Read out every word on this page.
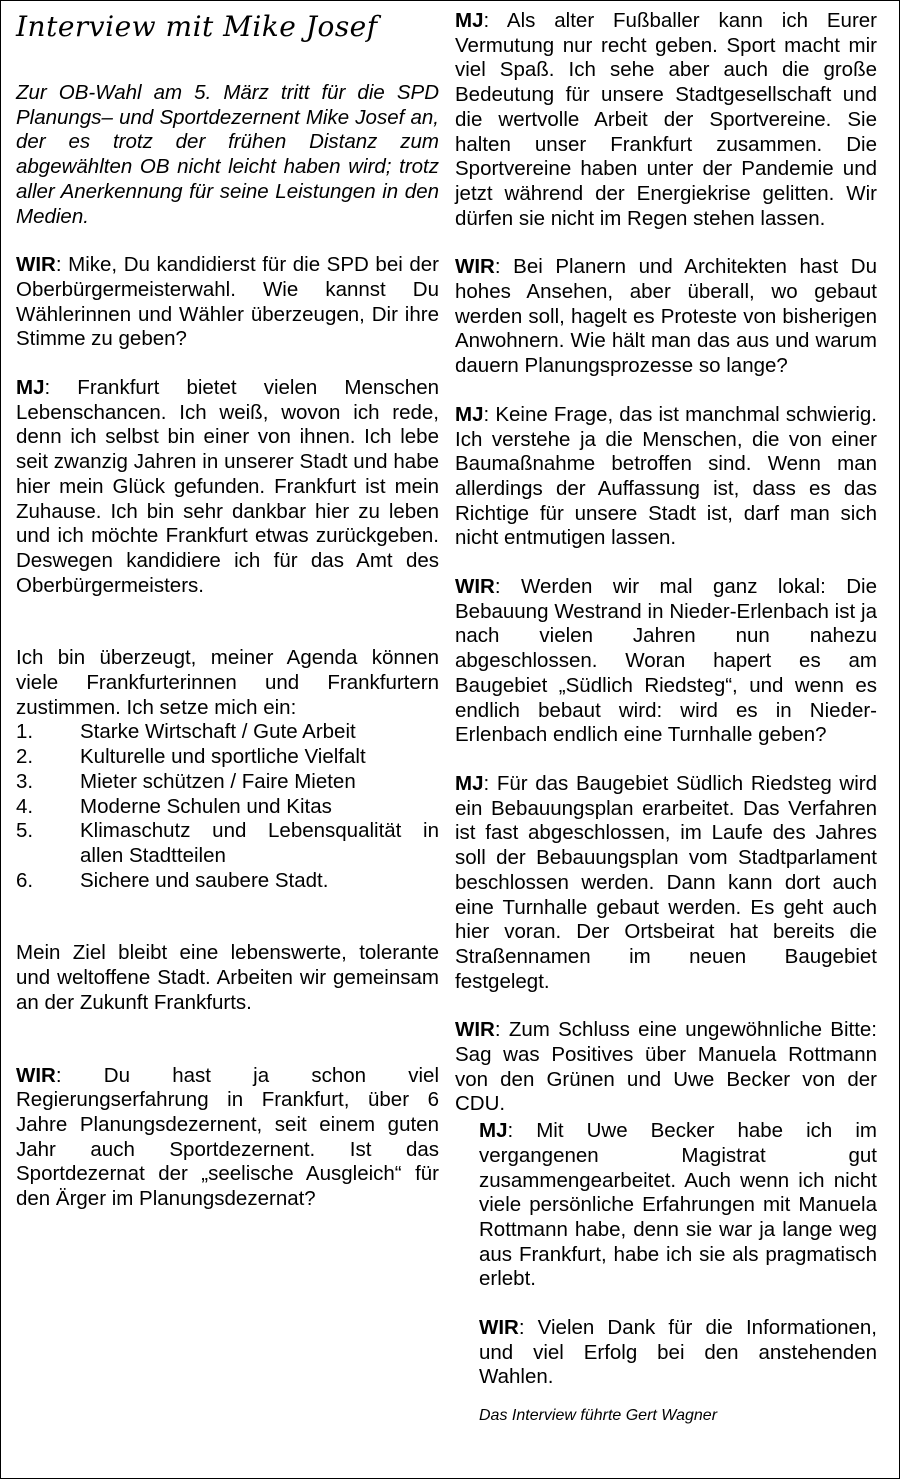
Interview mit Mike Josef

Zur OB-Wahl am 5. März tritt für die SPD Planungs– und Sportdezernent Mike Josef an, der es trotz der frühen Distanz zum abgewählten OB nicht leicht haben wird; trotz aller Anerkennung für seine Leistungen in den Medien.

WIR: Mike, Du kandidierst für die SPD bei der Oberbürgermeisterwahl. Wie kannst Du Wählerinnen und Wähler überzeugen, Dir ihre Stimme zu geben?

MJ: Frankfurt bietet vielen Menschen Lebenschancen. Ich weiß, wovon ich rede, denn ich selbst bin einer von ihnen. Ich lebe seit zwanzig Jahren in unserer Stadt und habe hier mein Glück gefunden. Frankfurt ist mein Zuhause. Ich bin sehr dankbar hier zu leben und ich möchte Frankfurt etwas zurückgeben. Deswegen kandidiere ich für das Amt des Oberbürgermeisters.

Ich bin überzeugt, meiner Agenda können viele Frankfurterinnen und Frankfurtern zustimmen. Ich setze mich ein:

1.	Starke Wirtschaft / Gute Arbeit
2.	Kulturelle und sportliche Vielfalt
3.	Mieter schützen / Faire Mieten
4.	Moderne Schulen und Kitas
5.	Klimaschutz und Lebensqualität in allen Stadtteilen
6.	Sichere und saubere Stadt.

Mein Ziel bleibt eine lebenswerte, tolerante und weltoffene Stadt. Arbeiten wir gemeinsam an der Zukunft Frankfurts.

WIR: Du hast ja schon viel Regierungserfahrung in Frankfurt, über 6 Jahre Planungsdezernent, seit einem guten Jahr auch Sportdezernent. Ist das Sportdezernat der „seelische Ausgleich“ für den Ärger im Planungsdezernat?

MJ: Als alter Fußballer kann ich Eurer Vermutung nur recht geben. Sport macht mir viel Spaß. Ich sehe aber auch die große Bedeutung für unsere Stadtgesellschaft und die wertvolle Arbeit der Sportvereine. Sie halten unser Frankfurt zusammen. Die Sportvereine haben unter der Pandemie und jetzt während der Energiekrise gelitten. Wir dürfen sie nicht im Regen stehen lassen.

WIR: Bei Planern und Architekten hast Du hohes Ansehen, aber überall, wo gebaut werden soll, hagelt es Proteste von bisherigen Anwohnern. Wie hält man das aus und warum dauern Planungsprozesse so lange?

MJ: Keine Frage, das ist manchmal schwierig. Ich verstehe ja die Menschen, die von einer Baumaßnahme betroffen sind. Wenn man allerdings der Auffassung ist, dass es das Richtige für unsere Stadt ist, darf man sich nicht entmutigen lassen.

WIR: Werden wir mal ganz lokal: Die Bebauung Westrand in Nieder-Erlenbach ist ja nach vielen Jahren nun nahezu abgeschlossen. Woran hapert es am Baugebiet „Südlich Riedsteg“, und wenn es endlich bebaut wird: wird es in Nieder-Erlenbach endlich eine Turnhalle geben?

MJ: Für das Baugebiet Südlich Riedsteg wird ein Bebauungsplan erarbeitet. Das Verfahren ist fast abgeschlossen, im Laufe des Jahres soll der Bebauungsplan vom Stadtparlament beschlossen werden. Dann kann dort auch eine Turnhalle gebaut werden. Es geht auch hier voran. Der Ortsbeirat hat bereits die Straßennamen im neuen Baugebiet festgelegt.

WIR: Zum Schluss eine ungewöhnliche Bitte: Sag was Positives über Manuela Rottmann von den Grünen und Uwe Becker von der CDU.

MJ: Mit Uwe Becker habe ich im vergangenen Magistrat gut zusammengearbeitet. Auch wenn ich nicht viele persönliche Erfahrungen mit Manuela Rottmann habe, denn sie war ja lange weg aus Frankfurt, habe ich sie als pragmatisch erlebt.

WIR: Vielen Dank für die Informationen, und viel Erfolg bei den anstehenden Wahlen.

Das Interview führte Gert Wagner
